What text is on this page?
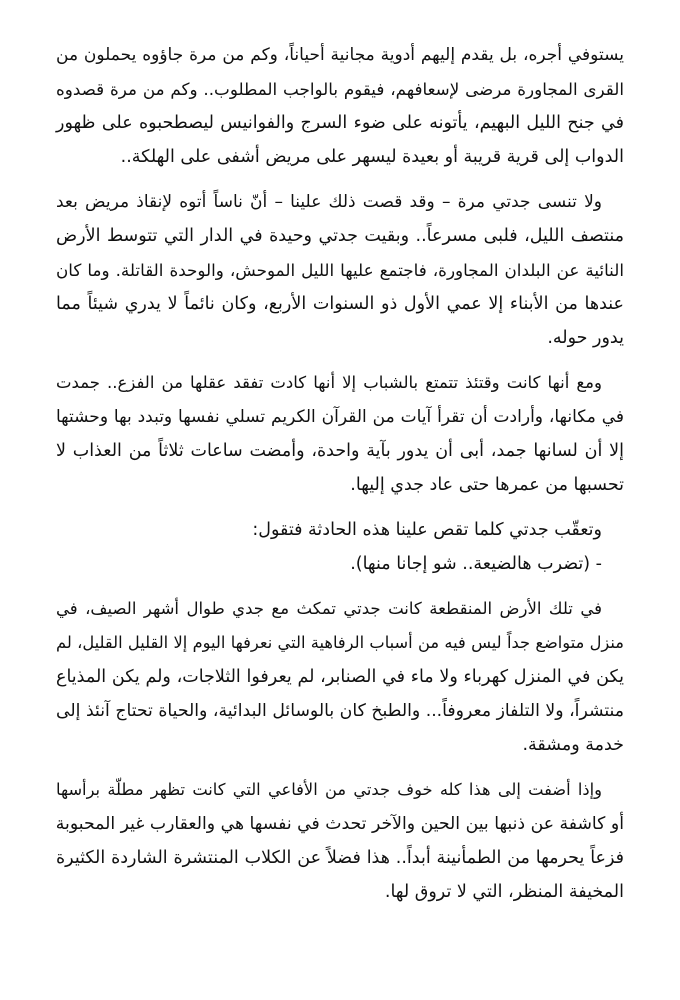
يستوفي أجره، بل يقدم إليهم أدوية مجانية أحياناً، وكم من مرة جاؤوه يحملون من
القرى المجاورة مرضى لإسعافهم، فيقوم بالواجب المطلوب.. وكم من مرة قصدوه
في جنح الليل البهيم، يأتونه على ضوء السرج والفوانيس ليصطحبوه على ظهور
الدواب إلى قرية قريبة أو بعيدة ليسهر على مريض أشفى على الهلكة..
ولا تنسى جدتي مرة – وقد قصت ذلك علينا – أنّ ناساً أتوه لإنقاذ مريض بعد
منتصف الليل، فلبى مسرعاً.. وبقيت جدتي وحيدة في الدار التي تتوسط الأرض
النائية عن البلدان المجاورة، فاجتمع عليها الليل الموحش، والوحدة القاتلة. وما كان
عندها من الأبناء إلا عمي الأول ذو السنوات الأربع، وكان نائماً لا يدري شيئاً مما
يدور حوله.
ومع أنها كانت وقتئذ تتمتع بالشباب إلا أنها كادت تفقد عقلها من الفزع.. جمدت
في مكانها، وأرادت أن تقرأ آيات من القرآن الكريم تسلي نفسها وتبدد بها وحشتها
إلا أن لسانها جمد، أبى أن يدور بآية واحدة، وأمضت ساعات ثلاثاً من العذاب لا
تحسبها من عمرها حتى عاد جدي إليها.
وتعقّب جدتي كلما تقص علينا هذه الحادثة فتقول:
- (تضرب هالضيعة.. شو إجانا منها).
في تلك الأرض المنقطعة كانت جدتي تمكث مع جدي طوال أشهر الصيف، في
منزل متواضع جداً ليس فيه من أسباب الرفاهية التي نعرفها اليوم إلا القليل القليل، لم
يكن في المنزل كهرباء ولا ماء في الصنابر، لم يعرفوا الثلاجات، ولم يكن المذياع
منتشراً، ولا التلفاز معروفاً... والطبخ كان بالوسائل البدائية، والحياة تحتاج آنئذ إلى
خدمة ومشقة.
وإذا أضفت إلى هذا كله خوف جدتي من الأفاعي التي كانت تظهر مطلّة برأسها
أو كاشفة عن ذنبها بين الحين والآخر تحدث في نفسها هي والعقارب غير المحبوبة
فزعاً يحرمها من الطمأنينة أبداً.. هذا فضلاً عن الكلاب المنتشرة الشاردة الكثيرة
المخيفة المنظر، التي لا تروق لها.
